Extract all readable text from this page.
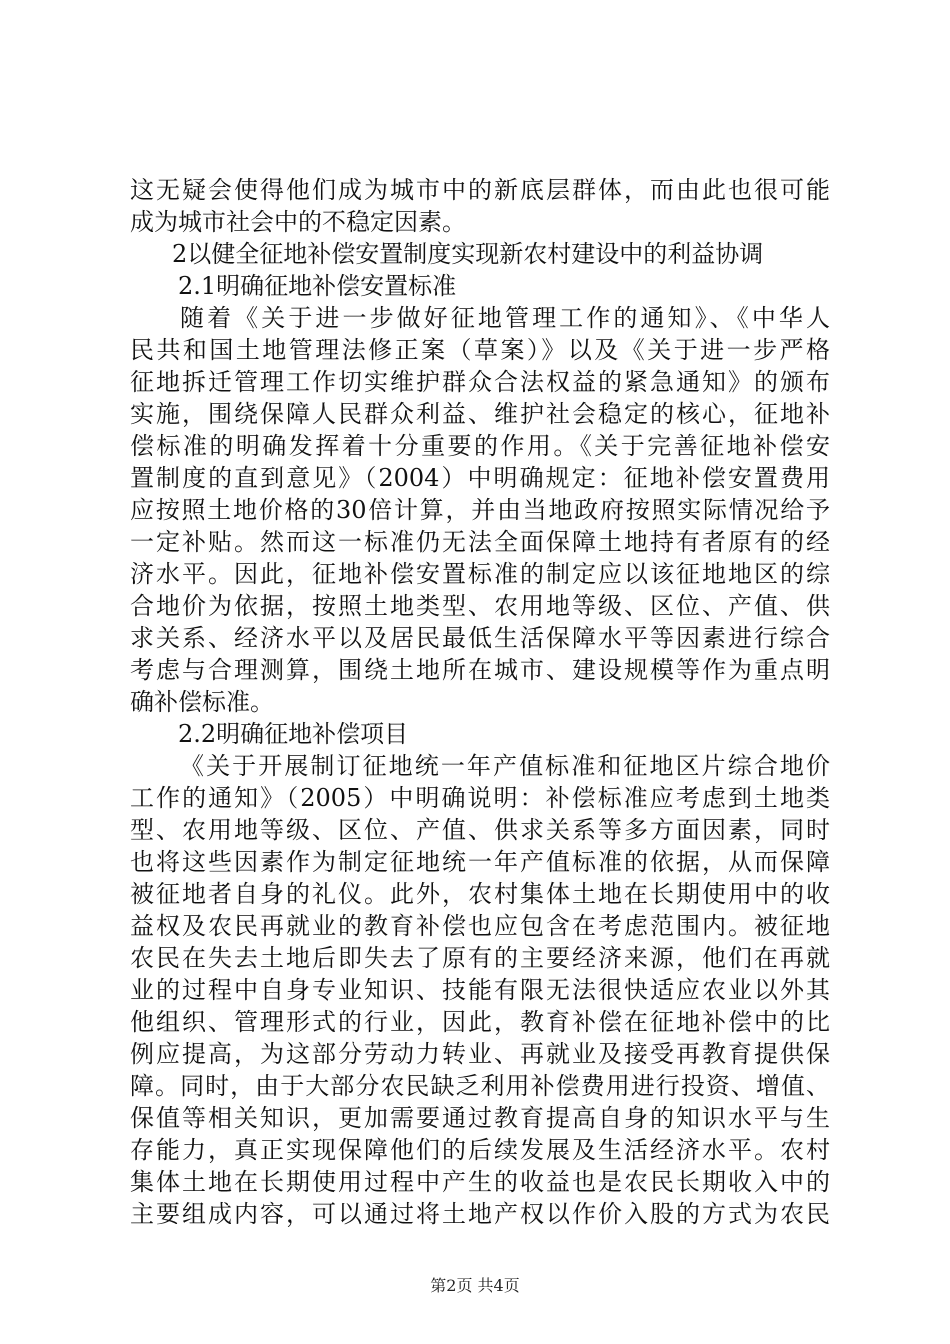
这无疑会使得他们成为城市中的新底层群体，而由此也很可能
成为城市社会中的不稳定因素。
2以健全征地补偿安置制度实现新农村建设中的利益协调
2.1明确征地补偿安置标准
随着《关于进一步做好征地管理工作的通知》、《中华人
民共和国土地管理法修正案（草案）》以及《关于进一步严格
征地拆迁管理工作切实维护群众合法权益的紧急通知》的颁布
实施，围绕保障人民群众利益、维护社会稳定的核心，征地补
偿标准的明确发挥着十分重要的作用。《关于完善征地补偿安
置制度的直到意见》（2004）中明确规定：征地补偿安置费用
应按照土地价格的30倍计算，并由当地政府按照实际情况给予
一定补贴。然而这一标准仍无法全面保障土地持有者原有的经
济水平。因此，征地补偿安置标准的制定应以该征地地区的综
合地价为依据，按照土地类型、农用地等级、区位、产值、供
求关系、经济水平以及居民最低生活保障水平等因素进行综合
考虑与合理测算，围绕土地所在城市、建设规模等作为重点明
确补偿标准。
2.2明确征地补偿项目
《关于开展制订征地统一年产值标准和征地区片综合地价
工作的通知》（2005）中明确说明：补偿标准应考虑到土地类
型、农用地等级、区位、产值、供求关系等多方面因素，同时
也将这些因素作为制定征地统一年产值标准的依据，从而保障
被征地者自身的礼仪。此外，农村集体土地在长期使用中的收
益权及农民再就业的教育补偿也应包含在考虑范围内。被征地
农民在失去土地后即失去了原有的主要经济来源，他们在再就
业的过程中自身专业知识、技能有限无法很快适应农业以外其
他组织、管理形式的行业，因此，教育补偿在征地补偿中的比
例应提高，为这部分劳动力转业、再就业及接受再教育提供保
障。同时，由于大部分农民缺乏利用补偿费用进行投资、增值、
保值等相关知识，更加需要通过教育提高自身的知识水平与生
存能力，真正实现保障他们的后续发展及生活经济水平。农村
集体土地在长期使用过程中产生的收益也是农民长期收入中的
主要组成内容，可以通过将土地产权以作价入股的方式为农民
第2页 共4页
